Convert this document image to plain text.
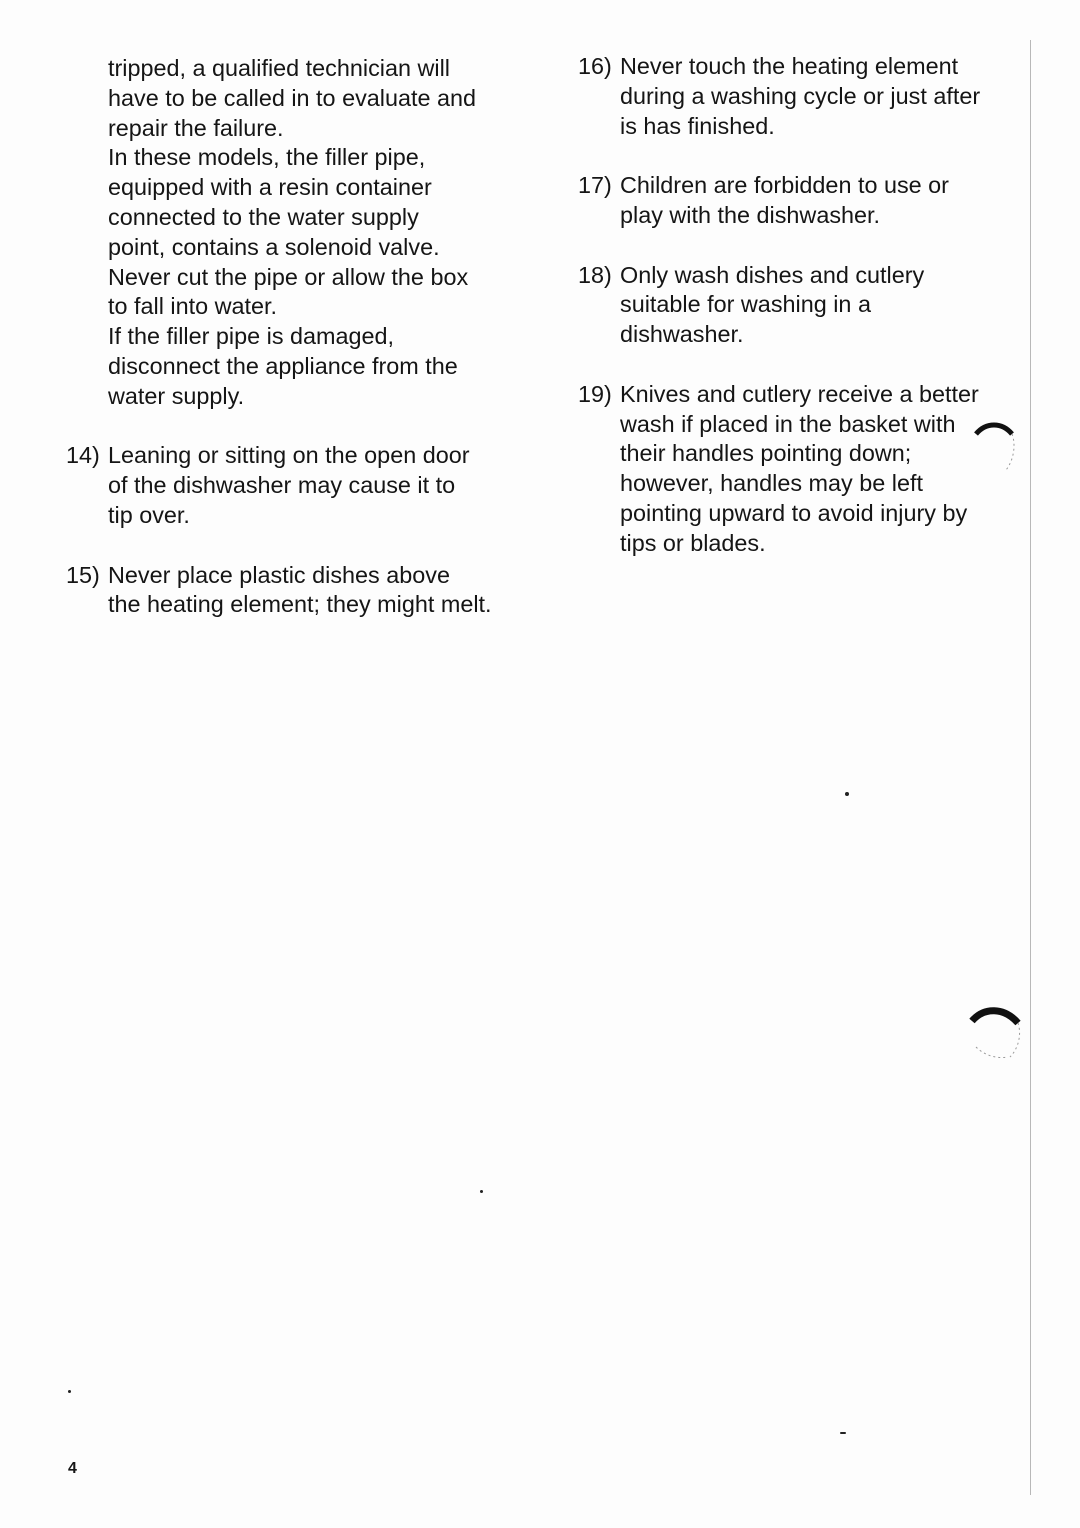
tripped, a qualified technician will
have to be called in to evaluate and
repair the failure.
In these models, the filler pipe,
equipped with a resin container
connected to the water supply
point, contains a solenoid valve.
Never cut the pipe or allow the box
to fall into water.
If the filler pipe is damaged,
disconnect the appliance from the
water supply.
14) Leaning or sitting on the open door
of the dishwasher may cause it to
tip over.
15) Never place plastic dishes above
the heating element; they might melt.
16) Never touch the heating element
during a washing cycle or just after
is has finished.
17) Children are forbidden to use or
play with the dishwasher.
18) Only wash dishes and cutlery
suitable for washing in a
dishwasher.
19) Knives and cutlery receive a better
wash if placed in the basket with
their handles pointing down;
however, handles may be left
pointing upward to avoid injury by
tips or blades.
4
